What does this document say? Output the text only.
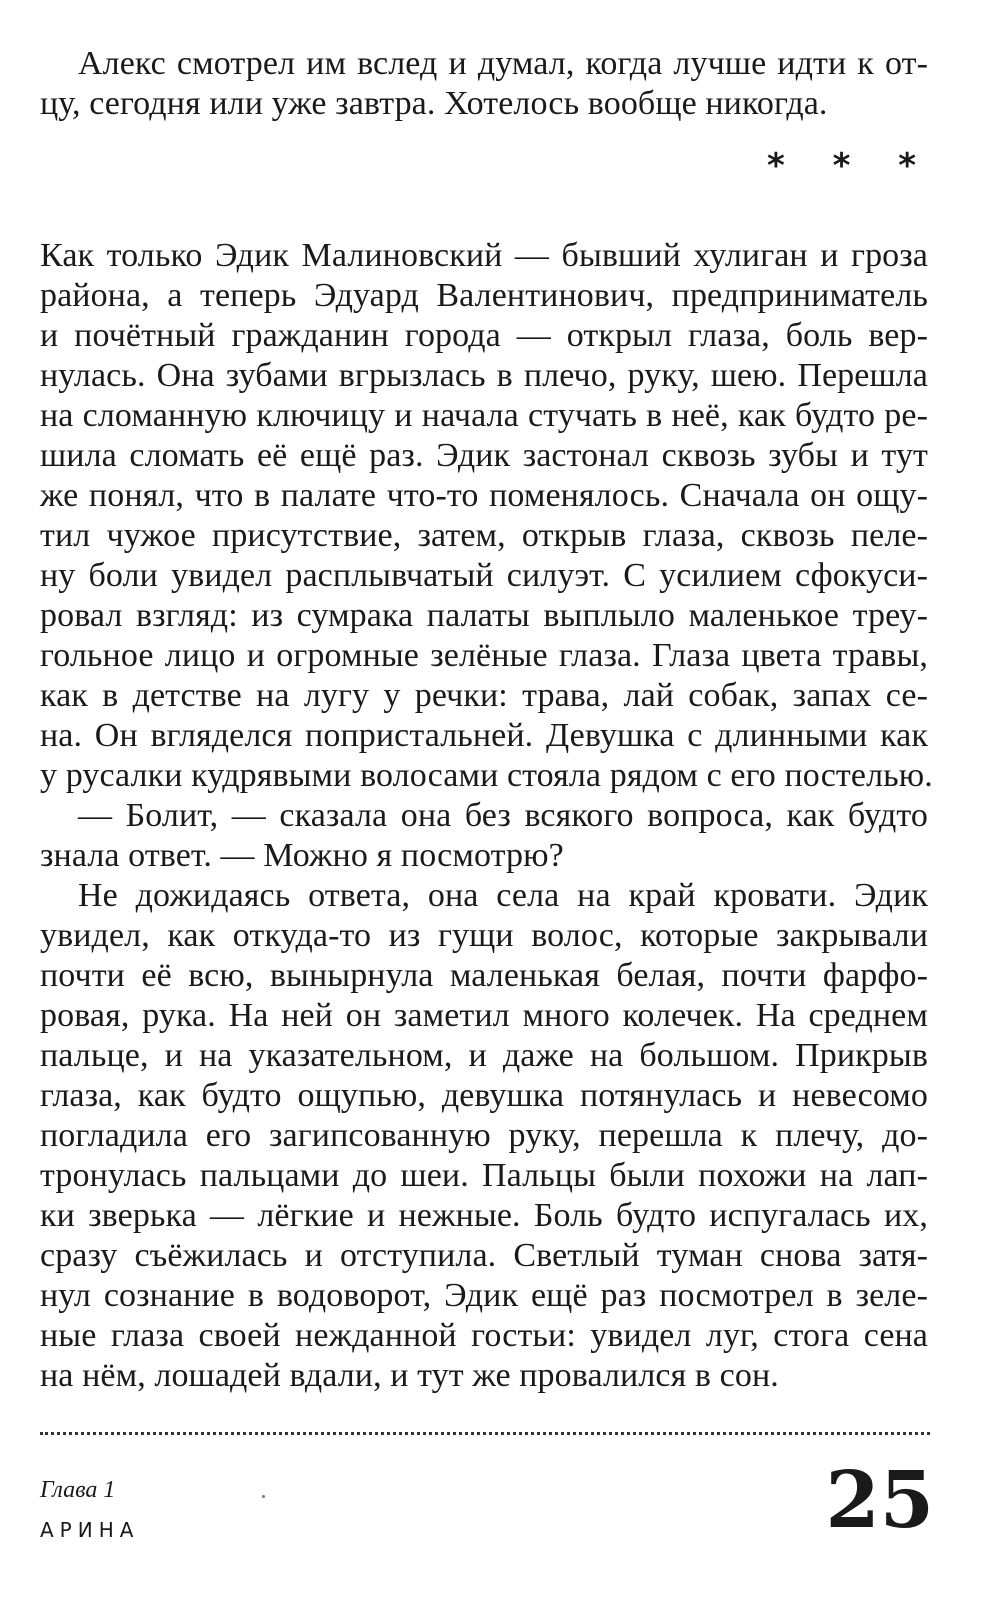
Алекс смотрел им вслед и думал, когда лучше идти к от-
цу, сегодня или уже завтра. Хотелось вообще никогда.
* * *
Как только Эдик Малиновский — бывший хулиган и гроза
района, а теперь Эдуард Валентинович, предприниматель
и почётный гражданин города — открыл глаза, боль вер-
нулась. Она зубами вгрызлась в плечо, руку, шею. Перешла
на сломанную ключицу и начала стучать в неё, как будто ре-
шила сломать её ещё раз. Эдик застонал сквозь зубы и тут
же понял, что в палате что-то поменялось. Сначала он ощу-
тил чужое присутствие, затем, открыв глаза, сквозь пеле-
ну боли увидел расплывчатый силуэт. С усилием сфокуси-
ровал взгляд: из сумрака палаты выплыло маленькое треу-
гольное лицо и огромные зелёные глаза. Глаза цвета травы,
как в детстве на лугу у речки: трава, лай собак, запах се-
на. Он вгляделся попристальней. Девушка с длинными как
у русалки кудрявыми волосами стояла рядом с его постелью.
— Болит, — сказала она без всякого вопроса, как будто
знала ответ. — Можно я посмотрю?
Не дожидаясь ответа, она села на край кровати. Эдик
увидел, как откуда-то из гущи волос, которые закрывали
почти её всю, вынырнула маленькая белая, почти фарфо-
ровая, рука. На ней он заметил много колечек. На среднем
пальце, и на указательном, и даже на большом. Прикрыв
глаза, как будто ощупью, девушка потянулась и невесомо
погладила его загипсованную руку, перешла к плечу, до-
тронулась пальцами до шеи. Пальцы были похожи на лап-
ки зверька — лёгкие и нежные. Боль будто испугалась их,
сразу съёжилась и отступила. Светлый туман снова затя-
нул сознание в водоворот, Эдик ещё раз посмотрел в зеле-
ные глаза своей нежданной гостьи: увидел луг, стога сена
на нём, лошадей вдали, и тут же провалился в сон.
Глава 1
АРИНА	25
